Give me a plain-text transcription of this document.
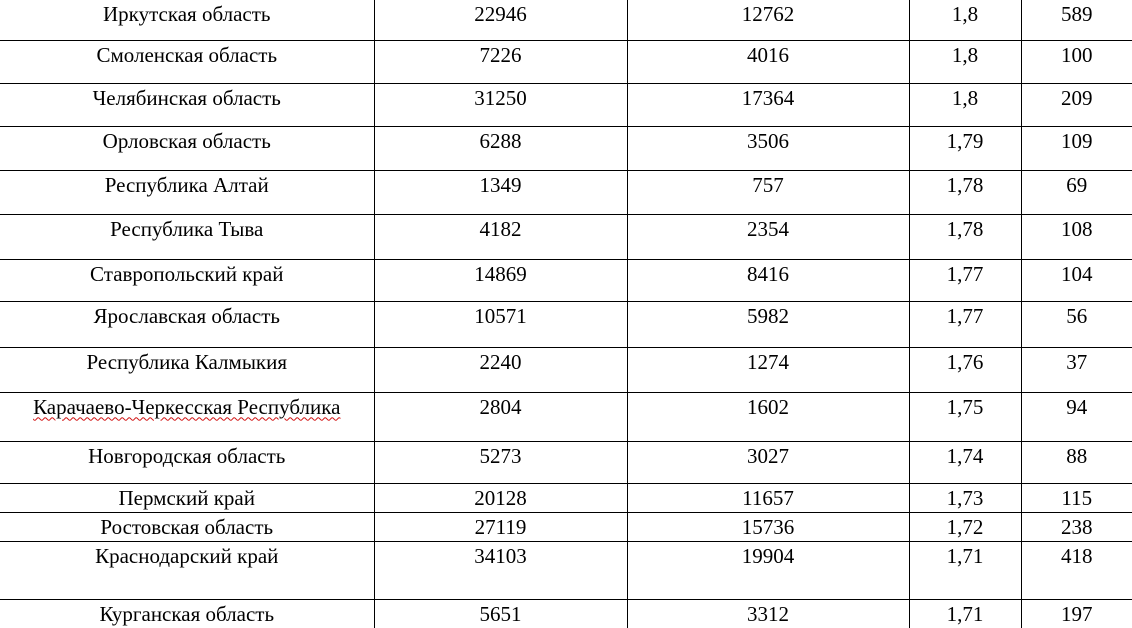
Иркутская область	22946	12762	1,8	589
Смоленская область	7226	4016	1,8	100
Челябинская область	31250	17364	1,8	209
Орловская область	6288	3506	1,79	109
Республика Алтай	1349	757	1,78	69
Республика Тыва	4182	2354	1,78	108
Ставропольский край	14869	8416	1,77	104
Ярославская область	10571	5982	1,77	56
Республика Калмыкия	2240	1274	1,76	37
Карачаево-Черкесская Республика	2804	1602	1,75	94
Новгородская область	5273	3027	1,74	88
Пермский край	20128	11657	1,73	115
Ростовская область	27119	15736	1,72	238
Краснодарский край	34103	19904	1,71	418
Курганская область	5651	3312	1,71	197
